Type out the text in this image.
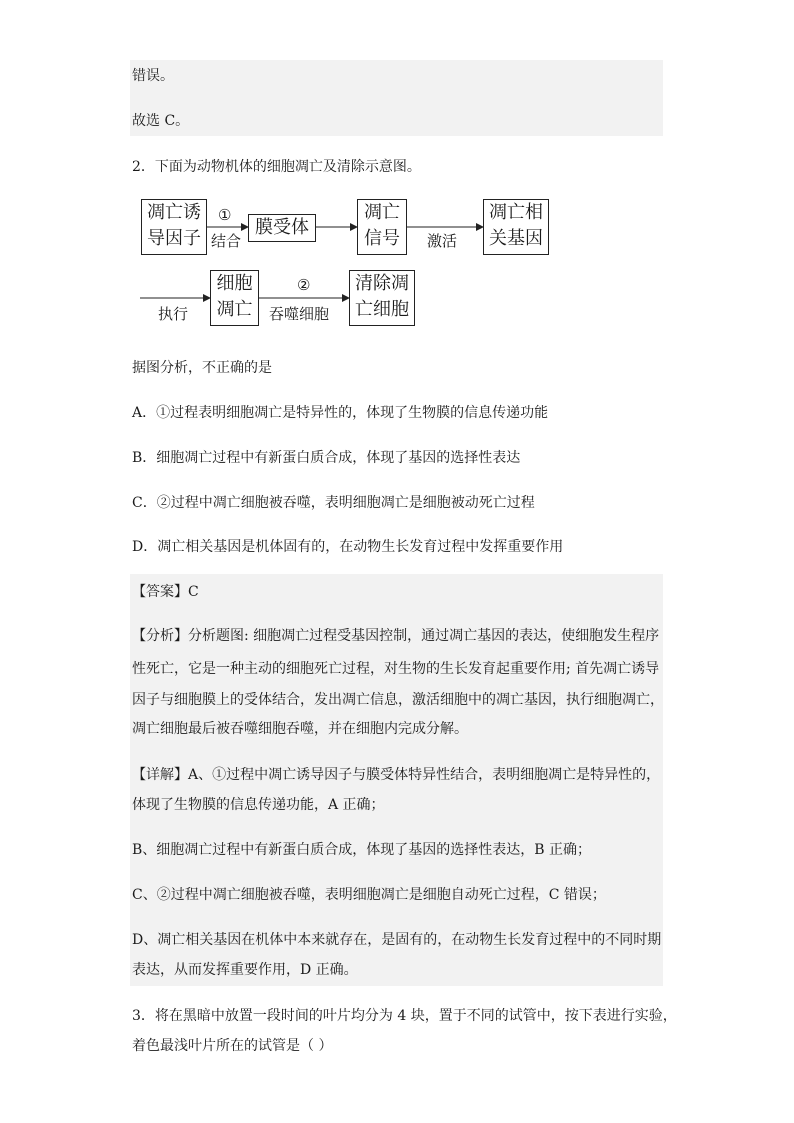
错误。
故选 C。
2．下面为动物机体的细胞凋亡及清除示意图。
凋亡诱
导因子
①
结合
膜受体
凋亡
信号	激活
凋亡相
关基因
执行
细胞
凋亡
②
吞噬细胞
清除凋
亡细胞
据图分析，不正确的是
A．①过程表明细胞凋亡是特异性的，体现了生物膜的信息传递功能
B．细胞凋亡过程中有新蛋白质合成，体现了基因的选择性表达
C．②过程中凋亡细胞被吞噬，表明细胞凋亡是细胞被动死亡过程
D．凋亡相关基因是机体固有的，在动物生长发育过程中发挥重要作用
【答案】C
【分析】分析题图: 细胞凋亡过程受基因控制，通过凋亡基因的表达，使细胞发生程序
性死亡，它是一种主动的细胞死亡过程，对生物的生长发育起重要作用; 首先凋亡诱导
因子与细胞膜上的受体结合，发出凋亡信息，激活细胞中的凋亡基因，执行细胞凋亡，
凋亡细胞最后被吞噬细胞吞噬，并在细胞内完成分解。
【详解】A、①过程中凋亡诱导因子与膜受体特异性结合，表明细胞凋亡是特异性的，
体现了生物膜的信息传递功能，A 正确；
B、细胞凋亡过程中有新蛋白质合成，体现了基因的选择性表达，B 正确；
C、②过程中凋亡细胞被吞噬，表明细胞凋亡是细胞自动死亡过程，C 错误；
D、凋亡相关基因在机体中本来就存在，是固有的，在动物生长发育过程中的不同时期
表达，从而发挥重要作用，D 正确。
3．将在黑暗中放置一段时间的叶片均分为 4 块，置于不同的试管中，按下表进行实验，
着色最浅叶片所在的试管是（ ）
